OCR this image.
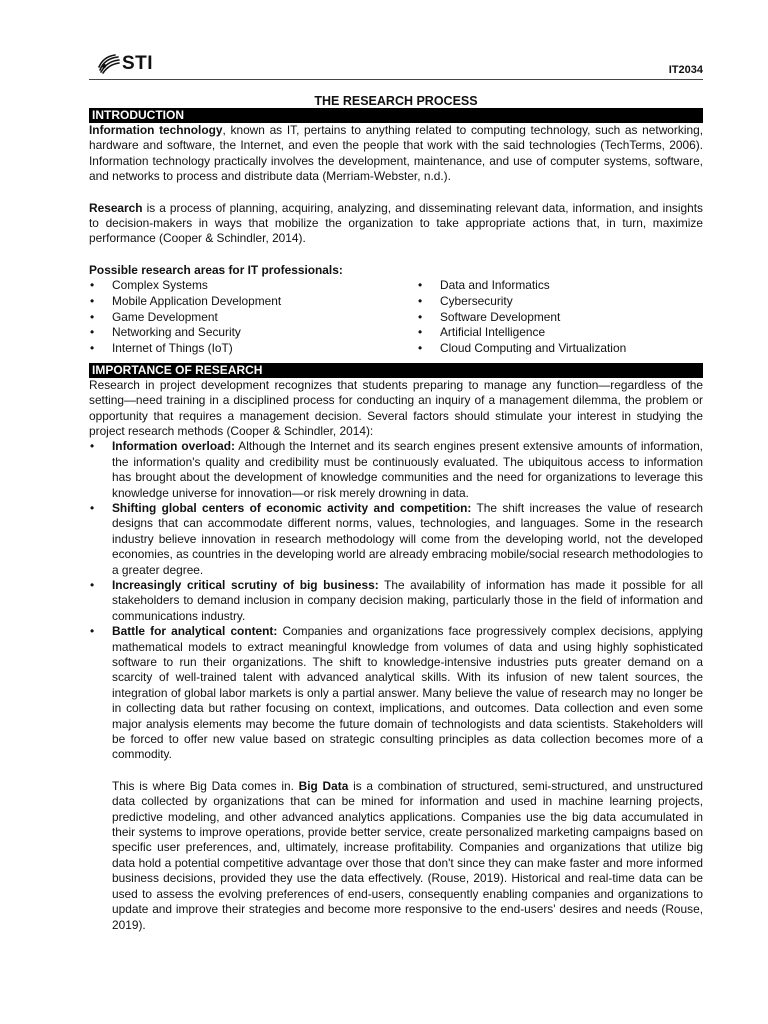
STI	IT2034
THE RESEARCH PROCESS
INTRODUCTION

Information technology, known as IT, pertains to anything related to computing technology, such as networking, hardware and software, the Internet, and even the people that work with the said technologies (TechTerms, 2006). Information technology practically involves the development, maintenance, and use of computer systems, software, and networks to process and distribute data (Merriam-Webster, n.d.).

Research is a process of planning, acquiring, analyzing, and disseminating relevant data, information, and insights to decision-makers in ways that mobilize the organization to take appropriate actions that, in turn, maximize performance (Cooper & Schindler, 2014).

Possible research areas for IT professionals:

• Complex Systems
• Mobile Application Development
• Game Development
• Networking and Security
• Internet of Things (IoT)
• Data and Informatics
• Cybersecurity
• Software Development
• Artificial Intelligence
• Cloud Computing and Virtualization
IMPORTANCE OF RESEARCH

Research in project development recognizes that students preparing to manage any function—regardless of the setting—need training in a disciplined process for conducting an inquiry of a management dilemma, the problem or opportunity that requires a management decision. Several factors should stimulate your interest in studying the project research methods (Cooper & Schindler, 2014):

• Information overload: Although the Internet and its search engines present extensive amounts of information, the information's quality and credibility must be continuously evaluated. The ubiquitous access to information has brought about the development of knowledge communities and the need for organizations to leverage this knowledge universe for innovation—or risk merely drowning in data.
• Shifting global centers of economic activity and competition: The shift increases the value of research designs that can accommodate different norms, values, technologies, and languages. Some in the research industry believe innovation in research methodology will come from the developing world, not the developed economies, as countries in the developing world are already embracing mobile/social research methodologies to a greater degree.
• Increasingly critical scrutiny of big business: The availability of information has made it possible for all stakeholders to demand inclusion in company decision making, particularly those in the field of information and communications industry.
• Battle for analytical content: Companies and organizations face progressively complex decisions, applying mathematical models to extract meaningful knowledge from volumes of data and using highly sophisticated software to run their organizations. The shift to knowledge-intensive industries puts greater demand on a scarcity of well-trained talent with advanced analytical skills. With its infusion of new talent sources, the integration of global labor markets is only a partial answer. Many believe the value of research may no longer be in collecting data but rather focusing on context, implications, and outcomes. Data collection and even some major analysis elements may become the future domain of technologists and data scientists. Stakeholders will be forced to offer new value based on strategic consulting principles as data collection becomes more of a commodity.

This is where Big Data comes in. Big Data is a combination of structured, semi-structured, and unstructured data collected by organizations that can be mined for information and used in machine learning projects, predictive modeling, and other advanced analytics applications. Companies use the big data accumulated in their systems to improve operations, provide better service, create personalized marketing campaigns based on specific user preferences, and, ultimately, increase profitability. Companies and organizations that utilize big data hold a potential competitive advantage over those that don't since they can make faster and more informed business decisions, provided they use the data effectively. (Rouse, 2019). Historical and real-time data can be used to assess the evolving preferences of end-users, consequently enabling companies and organizations to update and improve their strategies and become more responsive to the end-users' desires and needs (Rouse, 2019).
